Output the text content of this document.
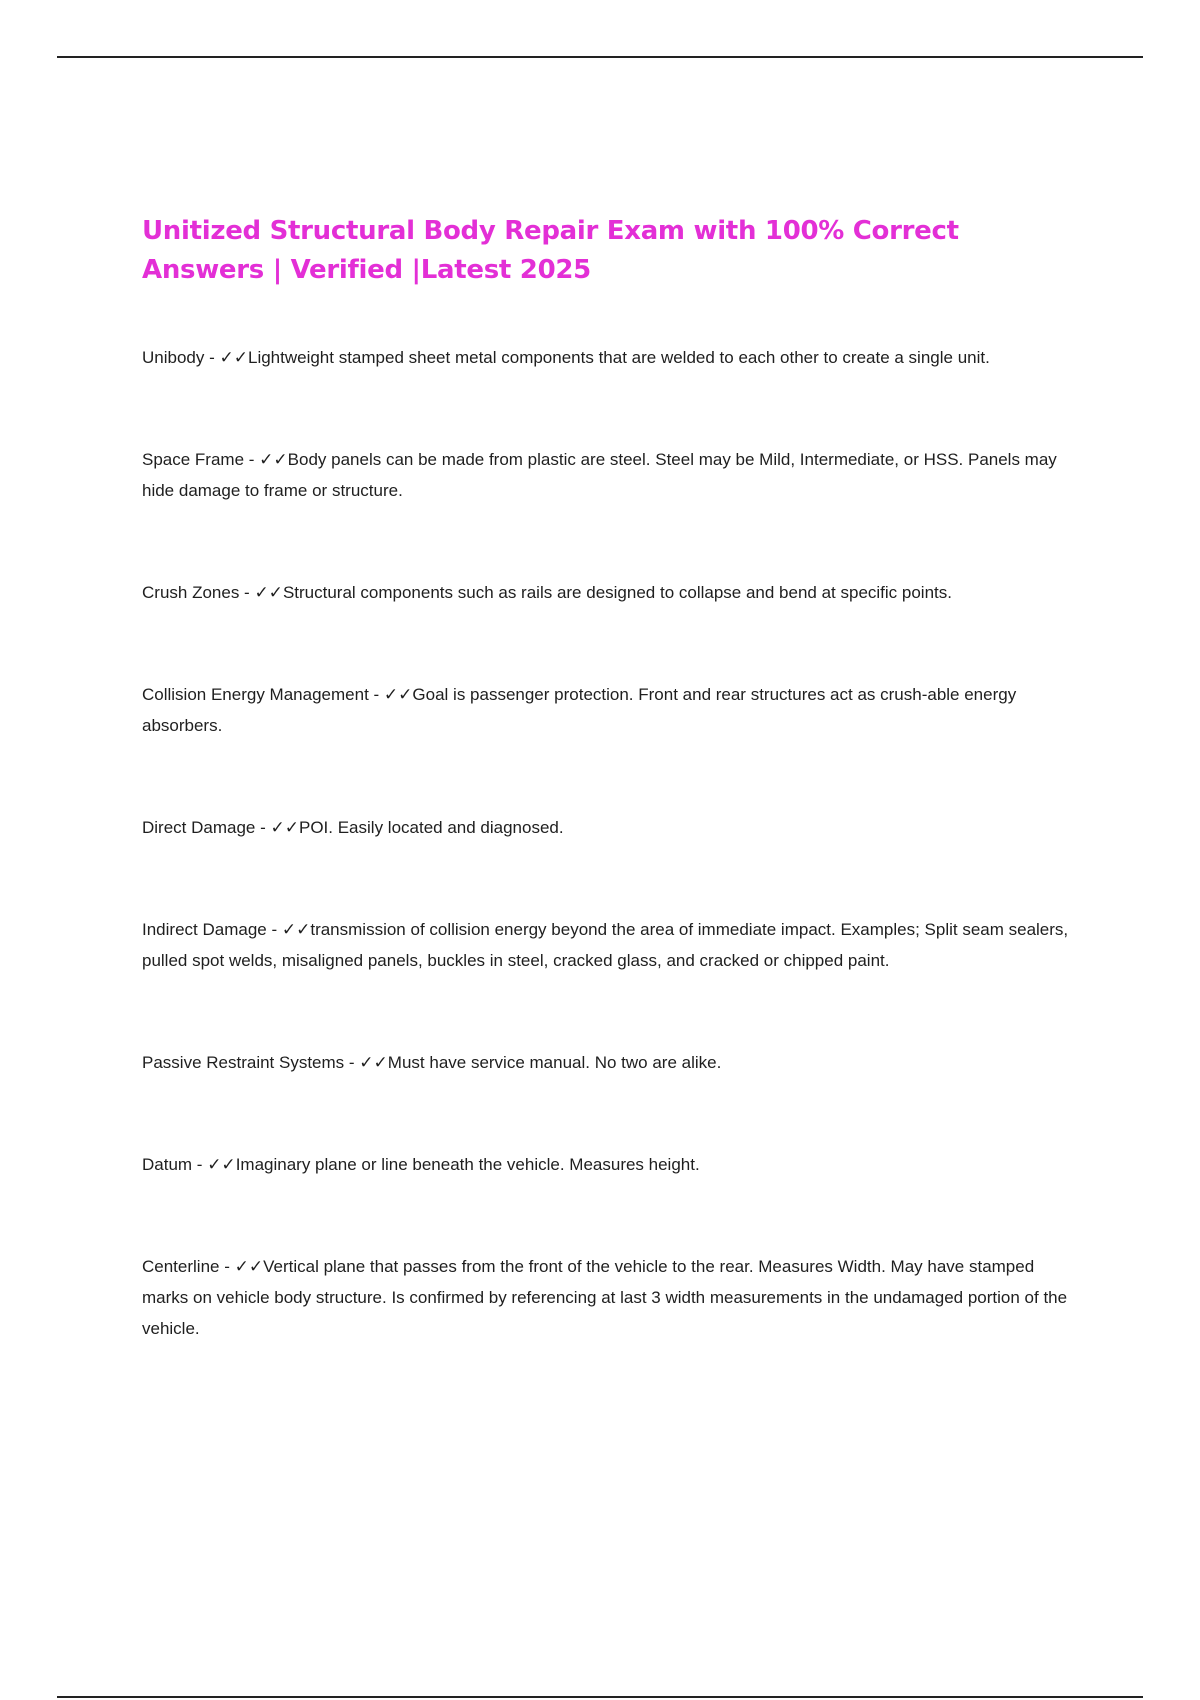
Unitized Structural Body Repair Exam with 100% Correct Answers | Verified |Latest 2025
Unibody - ✓✓Lightweight stamped sheet metal components that are welded to each other to create a single unit.
Space Frame - ✓✓Body panels can be made from plastic are steel. Steel may be Mild, Intermediate, or HSS. Panels may hide damage to frame or structure.
Crush Zones - ✓✓Structural components such as rails are designed to collapse and bend at specific points.
Collision Energy Management - ✓✓Goal is passenger protection. Front and rear structures act as crush-able energy absorbers.
Direct Damage - ✓✓POI. Easily located and diagnosed.
Indirect Damage - ✓✓transmission of collision energy beyond the area of immediate impact. Examples; Split seam sealers, pulled spot welds, misaligned panels, buckles in steel, cracked glass, and cracked or chipped paint.
Passive Restraint Systems - ✓✓Must have service manual. No two are alike.
Datum - ✓✓Imaginary plane or line beneath the vehicle. Measures height.
Centerline - ✓✓Vertical plane that passes from the front of the vehicle to the rear. Measures Width. May have stamped marks on vehicle body structure. Is confirmed by referencing at last 3 width measurements in the undamaged portion of the vehicle.
